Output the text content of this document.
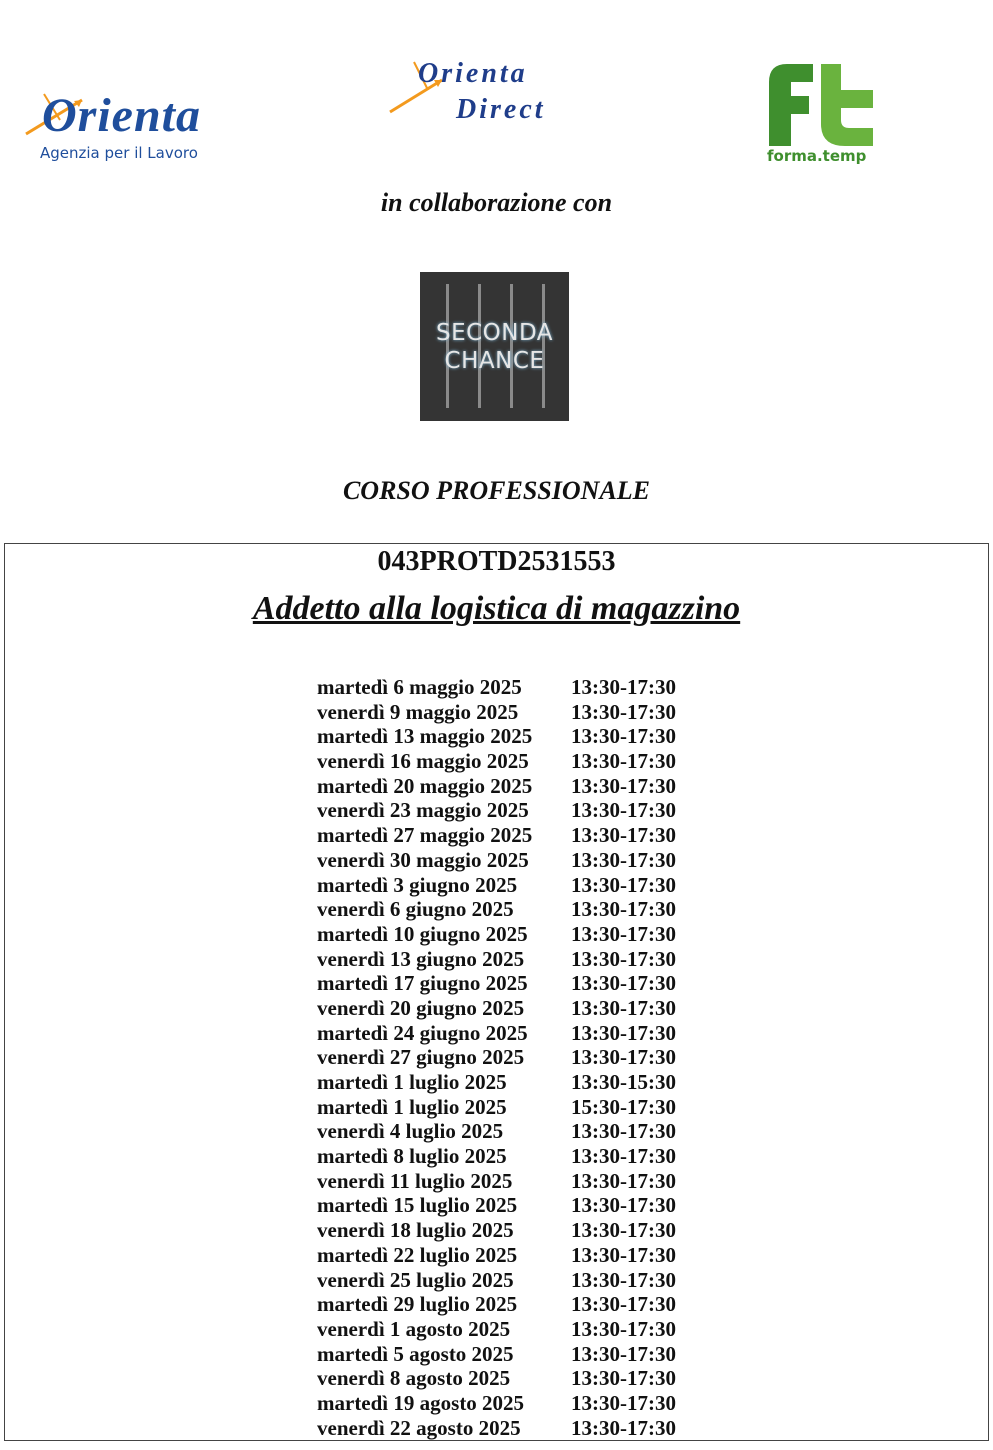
Orienta
Agenzia per il Lavoro
Orienta
Direct
forma.temp
in collaborazione con
SECONDA
CHANCE
CORSO PROFESSIONALE
043PROTD2531553
Addetto alla logistica di magazzino
martedì 6 maggio 2025	13:30-17:30
venerdì 9 maggio 2025	13:30-17:30
martedì 13 maggio 2025	13:30-17:30
venerdì 16 maggio 2025	13:30-17:30
martedì 20 maggio 2025	13:30-17:30
venerdì 23 maggio 2025	13:30-17:30
martedì 27 maggio 2025	13:30-17:30
venerdì 30 maggio 2025	13:30-17:30
martedì 3 giugno 2025	13:30-17:30
venerdì 6 giugno 2025	13:30-17:30
martedì 10 giugno 2025	13:30-17:30
venerdì 13 giugno 2025	13:30-17:30
martedì 17 giugno 2025	13:30-17:30
venerdì 20 giugno 2025	13:30-17:30
martedì 24 giugno 2025	13:30-17:30
venerdì 27 giugno 2025	13:30-17:30
martedì 1 luglio 2025	13:30-15:30
martedì 1 luglio 2025	15:30-17:30
venerdì 4 luglio 2025	13:30-17:30
martedì 8 luglio 2025	13:30-17:30
venerdì 11 luglio 2025	13:30-17:30
martedì 15 luglio 2025	13:30-17:30
venerdì 18 luglio 2025	13:30-17:30
martedì 22 luglio 2025	13:30-17:30
venerdì 25 luglio 2025	13:30-17:30
martedì 29 luglio 2025	13:30-17:30
venerdì 1 agosto 2025	13:30-17:30
martedì 5 agosto 2025	13:30-17:30
venerdì 8 agosto 2025	13:30-17:30
martedì 19 agosto 2025	13:30-17:30
venerdì 22 agosto 2025	13:30-17:30
